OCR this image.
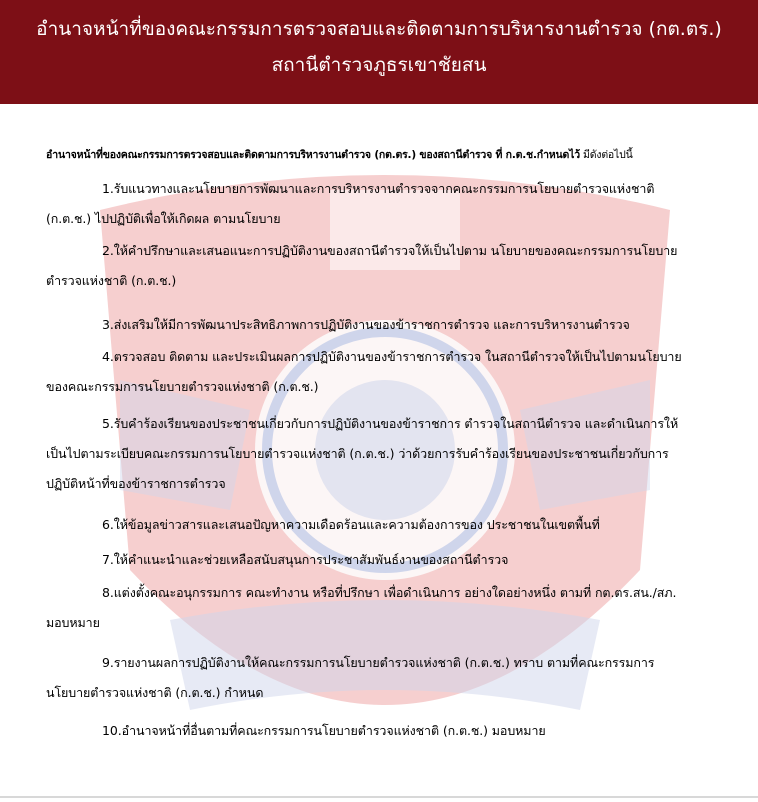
อำนาจหน้าที่ของคณะกรรมการตรวจสอบและติดตามการบริหารงานตำรวจ (กต.ตร.)
สถานีตำรวจภูธรเขาชัยสน
อำนาจหน้าที่ของคณะกรรมการตรวจสอบและติดตามการบริหารงานตำรวจ (กต.ตร.) ของสถานีตำรวจ ที่ ก.ต.ช.กำหนดไว้ มีดังต่อไปนี้
1.รับแนวทางและนโยบายการพัฒนาและการบริหารงานตำรวจจากคณะกรรมการนโยบายตำรวจแห่งชาติ (ก.ต.ช.) ไปปฏิบัติเพื่อให้เกิดผล ตามนโยบาย
2.ให้คำปรึกษาและเสนอแนะการปฏิบัติงานของสถานีตำรวจให้เป็นไปตาม นโยบายของคณะกรรมการนโยบายตำรวจแห่งชาติ (ก.ต.ช.)
3.ส่งเสริมให้มีการพัฒนาประสิทธิภาพการปฏิบัติงานของข้าราชการตำรวจ และการบริหารงานตำรวจ
4.ตรวจสอบ ติดตาม และประเมินผลการปฏิบัติงานของข้าราชการตำรวจ ในสถานีตำรวจให้เป็นไปตามนโยบายของคณะกรรมการนโยบายตำรวจแห่งชาติ (ก.ต.ช.)
5.รับคำร้องเรียนของประชาชนเกี่ยวกับการปฏิบัติงานของข้าราชการ ตำรวจในสถานีตำรวจ และดำเนินการให้เป็นไปตามระเบียบคณะกรรมการนโยบายตำรวจแห่งชาติ (ก.ต.ช.) ว่าด้วยการรับคำร้องเรียนของประชาชนเกี่ยวกับการปฏิบัติหน้าที่ของข้าราชการตำรวจ
6.ให้ข้อมูลข่าวสารและเสนอปัญหาความเดือดร้อนและความต้องการของ ประชาชนในเขตพื้นที่
7.ให้คำแนะนำและช่วยเหลือสนับสนุนการประชาสัมพันธ์งานของสถานีตำรวจ
8.แต่งตั้งคณะอนุกรรมการ คณะทำงาน หรือที่ปรึกษา เพื่อดำเนินการ อย่างใดอย่างหนึ่ง ตามที่ กต.ตร.สน./สภ. มอบหมาย
9.รายงานผลการปฏิบัติงานให้คณะกรรมการนโยบายตำรวจแห่งชาติ (ก.ต.ช.) ทราบ ตามที่คณะกรรมการนโยบายตำรวจแห่งชาติ (ก.ต.ช.) กำหนด
10.อำนาจหน้าที่อื่นตามที่คณะกรรมการนโยบายตำรวจแห่งชาติ (ก.ต.ช.) มอบหมาย
